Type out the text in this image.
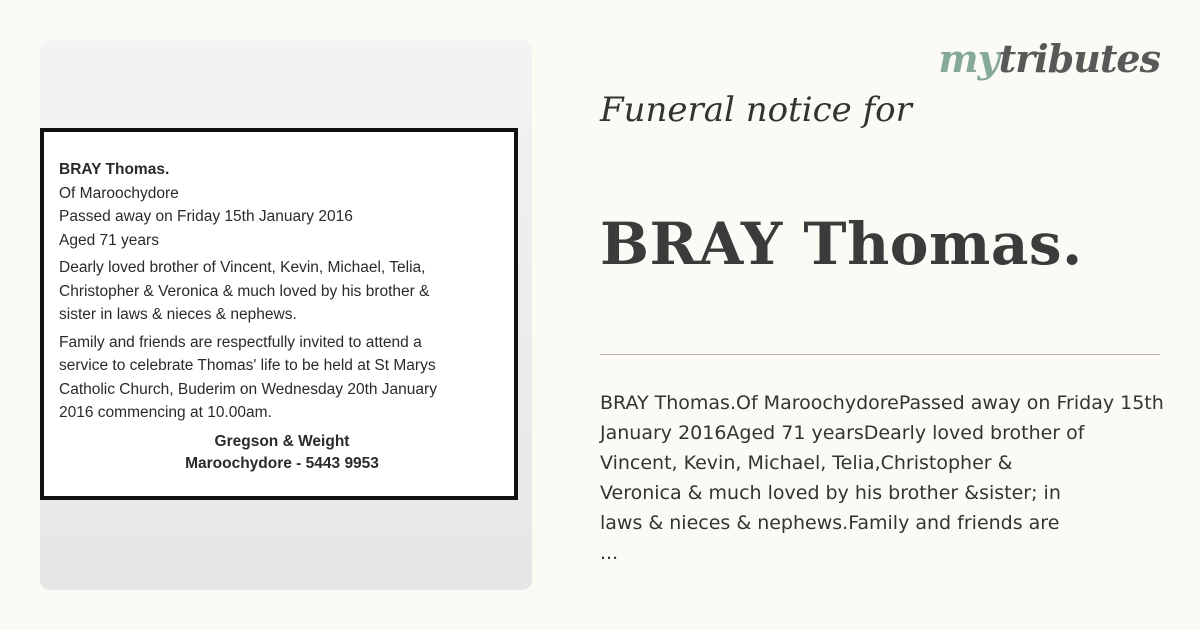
BRAY Thomas.
Of Maroochydore
Passed away on Friday 15th January 2016
Aged 71 years
Dearly loved brother of Vincent, Kevin, Michael, Telia,
Christopher & Veronica & much loved by his brother &
sister in laws & nieces & nephews.
Family and friends are respectfully invited to attend a
service to celebrate Thomas' life to be held at St Marys
Catholic Church, Buderim on Wednesday 20th January
2016 commencing at 10.00am.
Gregson & Weight
Maroochydore - 5443 9953
mytributes
Funeral notice for
BRAY Thomas.
BRAY Thomas.Of MaroochydorePassed away on Friday 15th
January 2016Aged 71 yearsDearly loved brother of
Vincent, Kevin, Michael, Telia,Christopher &
Veronica & much loved by his brother &sister; in
laws & nieces & nephews.Family and friends are
...
